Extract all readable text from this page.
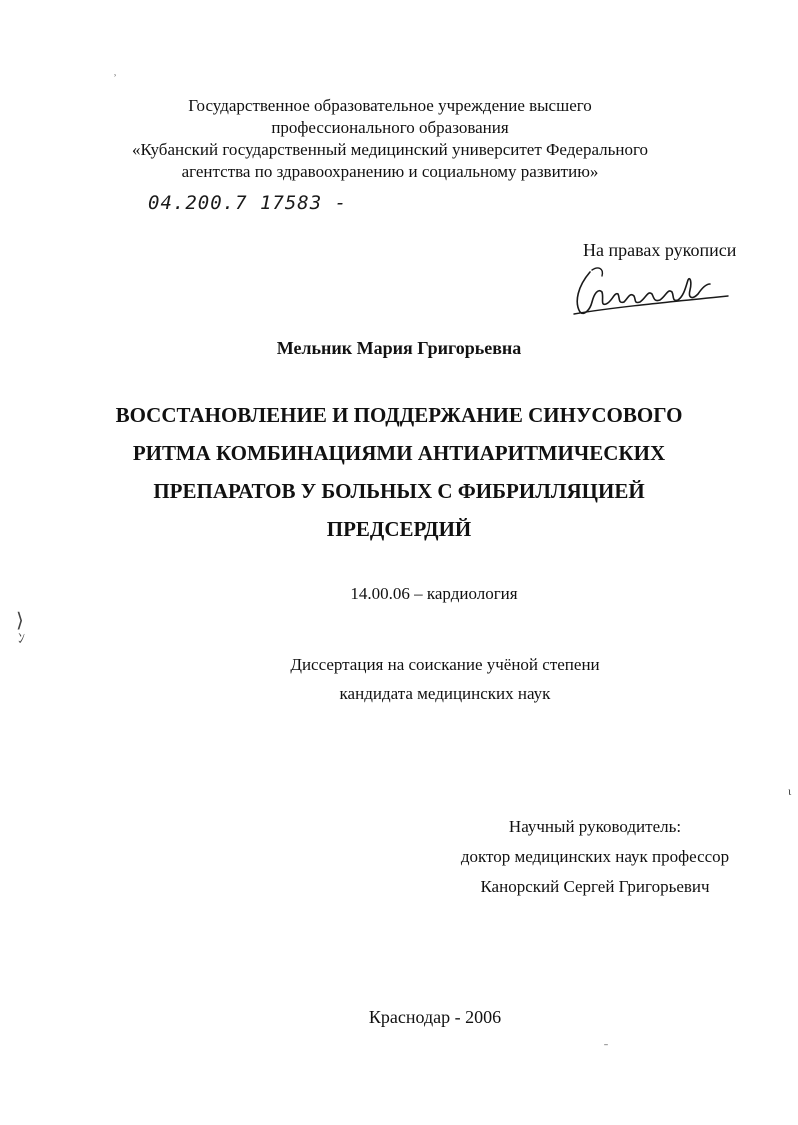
Государственное образовательное учреждение высшего
профессионального образования
«Кубанский государственный медицинский университет Федерального
агентства по здравоохранению и социальному развитию»
04.200.7 17583 -
На правах рукописи
Мельник Мария Григорьевна
ВОССТАНОВЛЕНИЕ И ПОДДЕРЖАНИЕ СИНУСОВОГО
РИТМА КОМБИНАЦИЯМИ АНТИАРИТМИЧЕСКИХ
ПРЕПАРАТОВ У БОЛЬНЫХ С ФИБРИЛЛЯЦИЕЙ
ПРЕДСЕРДИЙ
14.00.06 – кардиология
Диссертация на соискание учёной степени
кандидата медицинских наук
Научный руководитель:
доктор медицинских наук профессор
Канорский Сергей Григорьевич
Краснодар - 2006
˒
⟩
ﾝ
ɩ
˗
